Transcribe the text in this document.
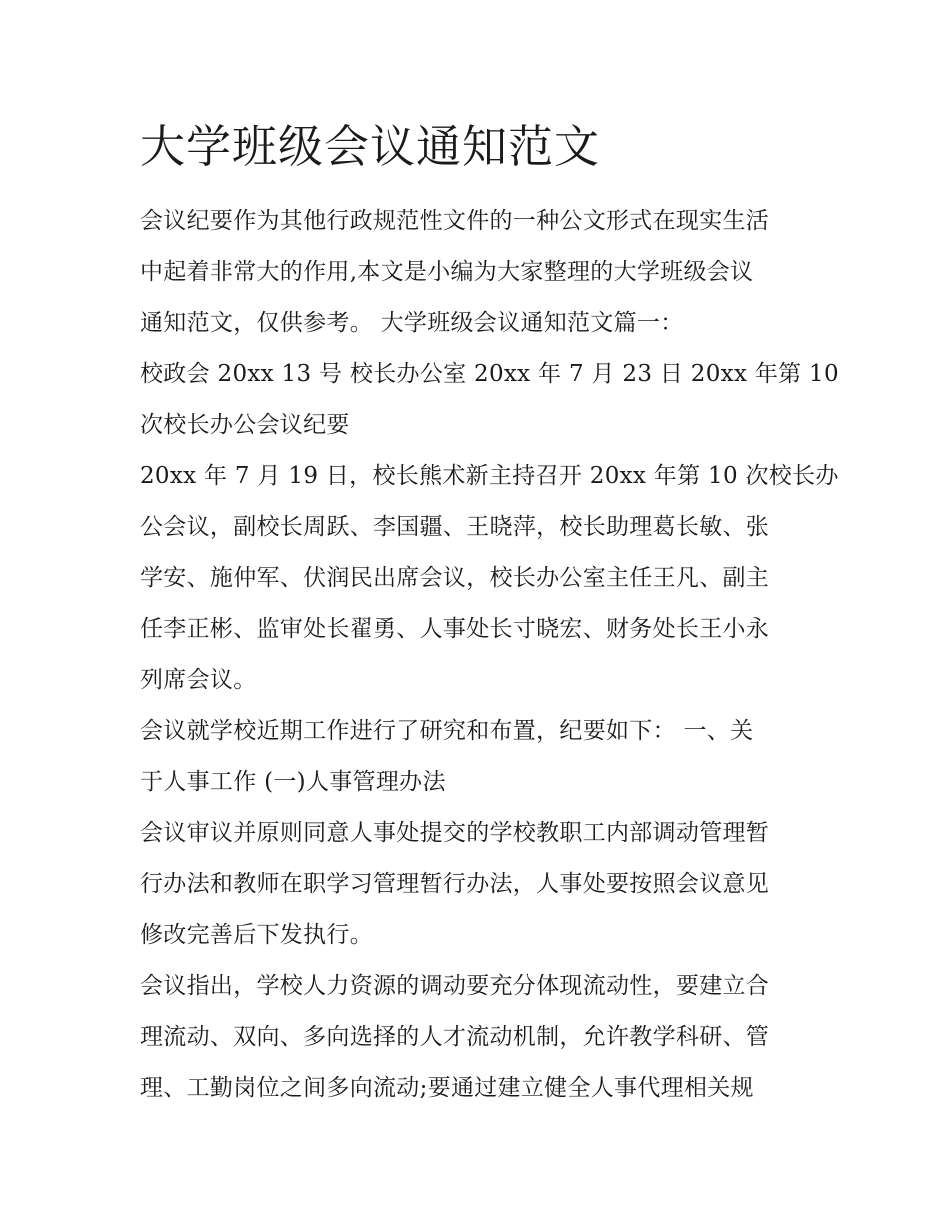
大学班级会议通知范文

会议纪要作为其他行政规范性文件的一种公文形式在现实生活
中起着非常大的作用,本文是小编为大家整理的大学班级会议
通知范文，仅供参考。 大学班级会议通知范文篇一：

校政会 20xx 13 号 校长办公室 20xx 年 7 月 23 日 20xx 年第 10
次校长办公会议纪要

20xx 年 7 月 19 日，校长熊术新主持召开 20xx 年第 10 次校长办
公会议，副校长周跃、李国疆、王晓萍，校长助理葛长敏、张
学安、施仲军、伏润民出席会议，校长办公室主任王凡、副主
任李正彬、监审处长翟勇、人事处长寸晓宏、财务处长王小永
列席会议。

会议就学校近期工作进行了研究和布置，纪要如下： 一、关
于人事工作 (一)人事管理办法

会议审议并原则同意人事处提交的学校教职工内部调动管理暂
行办法和教师在职学习管理暂行办法，人事处要按照会议意见
修改完善后下发执行。

会议指出，学校人力资源的调动要充分体现流动性，要建立合
理流动、双向、多向选择的人才流动机制，允许教学科研、管
理、工勤岗位之间多向流动;要通过建立健全人事代理相关规
